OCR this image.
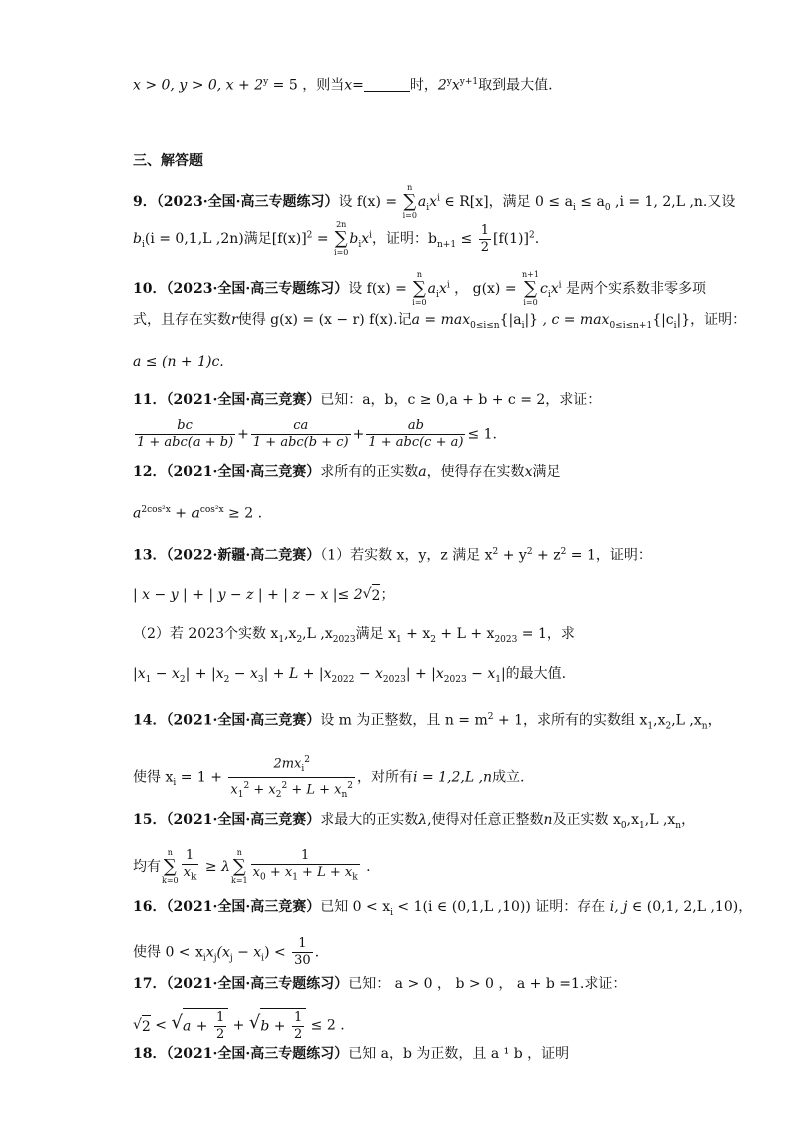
x > 0, y > 0, $x + 2^y = 5$ ，则当x=	时，$2^yx^{y+1}$取到最大值.
三、解答题
9．（2023·全国·高三专题练习）设 f(x) =
n
∑
i=0
$a_ix^i$ ∈ R[x]，满足 $0 \le a_i \le a_0$ ,i = 1, 2,L ,n.又设
$b_i(i = 0,1,L$ ,2n)满足$[f(x)]^2$ =
2n
∑
i=0
$b_ix^i$，证明：$b_{n+1} \le \frac{1}{2} [f(1)]^2$.
10．（2023·全国·高三专题练习）设 f(x) =
n
∑
i=0
$a_ix^i$ ， g(x) =
n+1
∑
i=0
$c_ix^i$ 是两个实系数非零多项
式，且存在实数r使得 g(x) = (x − r) f(x).记$a = \max_{0\le i\le n}\{|a_i|\}$ , $c = \max_{0\le i\le n+1}\{|c_i|\}$，证明：
a ≤ (n + 1)c.
11．（2021·全国·高三竞赛）已知：a，b，c ≥ 0,a + b + c = 2，求证：
$\frac{bc}{\text{1 + abc(a + b)}} + \frac{ca}{\text{1 + abc(b + c)}} + \frac{ab}{\text{1 + abc(c + a)}} \le 1$.
12．（2021·全国·高三竞赛）求所有的正实数a，使得存在实数x满足
$a^{2cos^2x} + a^{cos^2x} \ge 2$ .
13．（2022·新疆·高二竞赛）（1）若实数 x，y，z 满足 $x^2 + y^2 + z^2 = 1$，证明：
| x − y | + | y − z | + | z − x |≤ 2 √ 2 ；
（2）若 2023个实数 $x_1,x_2,L$ $,x_{2023}$满足 $x_1 + x_2 + L + x_{2023} = 1$，求
$|x_1 - x_2| + |x_2 - x_3| + L + |x_{2022} - x_{2023}| + |x_{2023} - x_1|$的最大值.
14．（2021·全国·高三竞赛）设 m 为正整数，且 $n = m^2 + 1$，求所有的实数组 $x_1,x_2,L$ $,x_n$，
使得 $x_i = 1 + \frac{2mx_i^2}{x_1^2 + x_2^2 + L + x_n^2}$ ，对所有i = 1,2,L ,n成立.
15．（2021·全国·高三竞赛）求最大的正实数λ,使得对任意正整数n及正实数 $x_0,x_1,L$ $,x_n$，
均有
n
∑
$k=0 \frac{1}{x_k} \ge \lambda$
n
∑
$k=1 \frac{1}{x_0 + x_1 + L + x_k}$ .
16．（2021·全国·高三竞赛）已知 $0 < x_i < 1(i$ ∈ (0,1,L ,10)) 证明：存在 i, j ∈ (0,1, 2,L ,10)，
使得 $0 < x_ix_j(x_j - x_i) < \frac{1}{30}$ .
17．（2021·全国·高三专题练习）已知： a > 0 ， b > 0 ， a + b =1.求证：
√ 2 < √ $a + \frac{1}{2}$ + √ $b + \frac{1}{2} \le 2$ .
18．（2021·全国·高三专题练习）已知 a，b 为正数，且 a ¹ b ，证明
